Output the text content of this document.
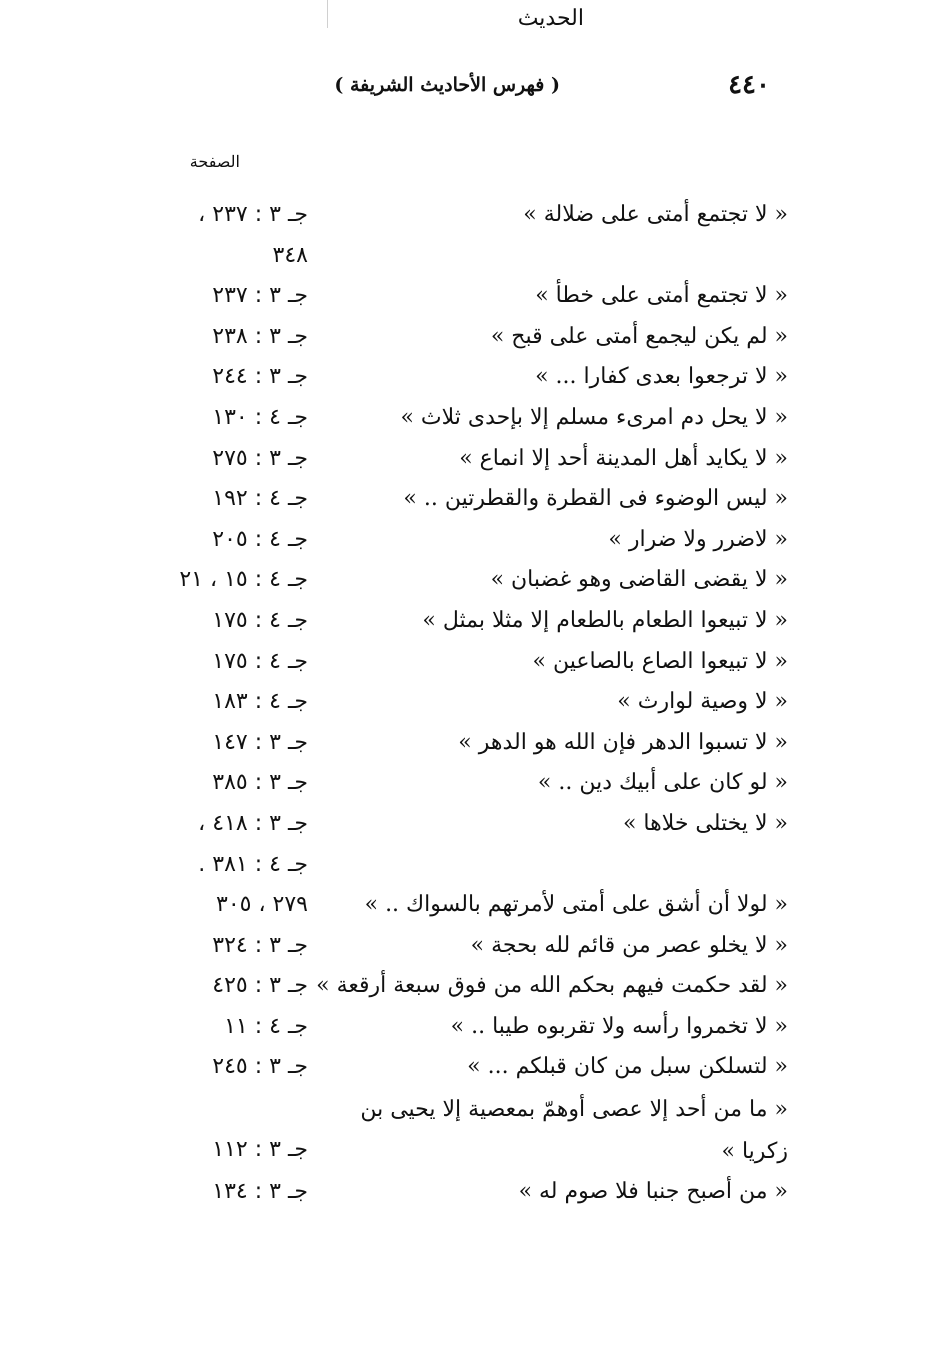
٤٤٠
( فهرس الأحاديث الشريفة )
الحديث
الصفحة
« لا تجتمع أمتى على ضلالة »
جـ ٣ : ٢٣٧ ،
٣٤٨
« لا تجتمع أمتى على خطأ »
جـ ٣ : ٢٣٧
« لم يكن ليجمع أمتى على قبح »
جـ ٣ : ٢٣٨
« لا ترجعوا بعدى كفارا ... »
جـ ٣ : ٢٤٤
« لا يحل دم امرىء مسلم إلا بإحدى ثلاث »
جـ ٤ : ١٣٠
« لا يكايد أهل المدينة أحد إلا انماع »
جـ ٣ : ٢٧٥
« ليس الوضوء فى القطرة والقطرتين .. »
جـ ٤ : ١٩٢
« لاضرر ولا ضرار »
جـ ٤ : ٢٠٥
« لا يقضى القاضى وهو غضبان »
جـ ٤ : ١٥ ، ٢١
« لا تبيعوا الطعام بالطعام إلا مثلا بمثل »
جـ ٤ : ١٧٥
« لا تبيعوا الصاع بالصاعين »
جـ ٤ : ١٧٥
« لا وصية لوارث »
جـ ٤ : ١٨٣
« لا تسبوا الدهر فإن الله هو الدهر »
جـ ٣ : ١٤٧
« لو كان على أبيك دين .. »
جـ ٣ : ٣٨٥
« لا يختلى خلاها »
جـ ٣ : ٤١٨ ،
جـ ٤ : ٣٨١ .
« لولا أن أشق على أمتى لأمرتهم بالسواك .. »
٢٧٩ ، ٣٠٥
« لا يخلو عصر من قائم لله بحجة »
جـ ٣ : ٣٢٤
« لقد حكمت فيهم بحكم الله من فوق سبعة أرقعة »
جـ ٣ : ٤٢٥
« لا تخمروا رأسه ولا تقربوه طيبا .. »
جـ ٤ : ١١
« لتسلكن سبل من كان قبلكم ... »
جـ ٣ : ٢٤٥
« ما من أحد إلا عصى أوهمّ بمعصية إلا يحيى بن زكريا »
جـ ٣ : ١١٢
« من أصبح جنبا فلا صوم له »
جـ ٣ : ١٣٤
